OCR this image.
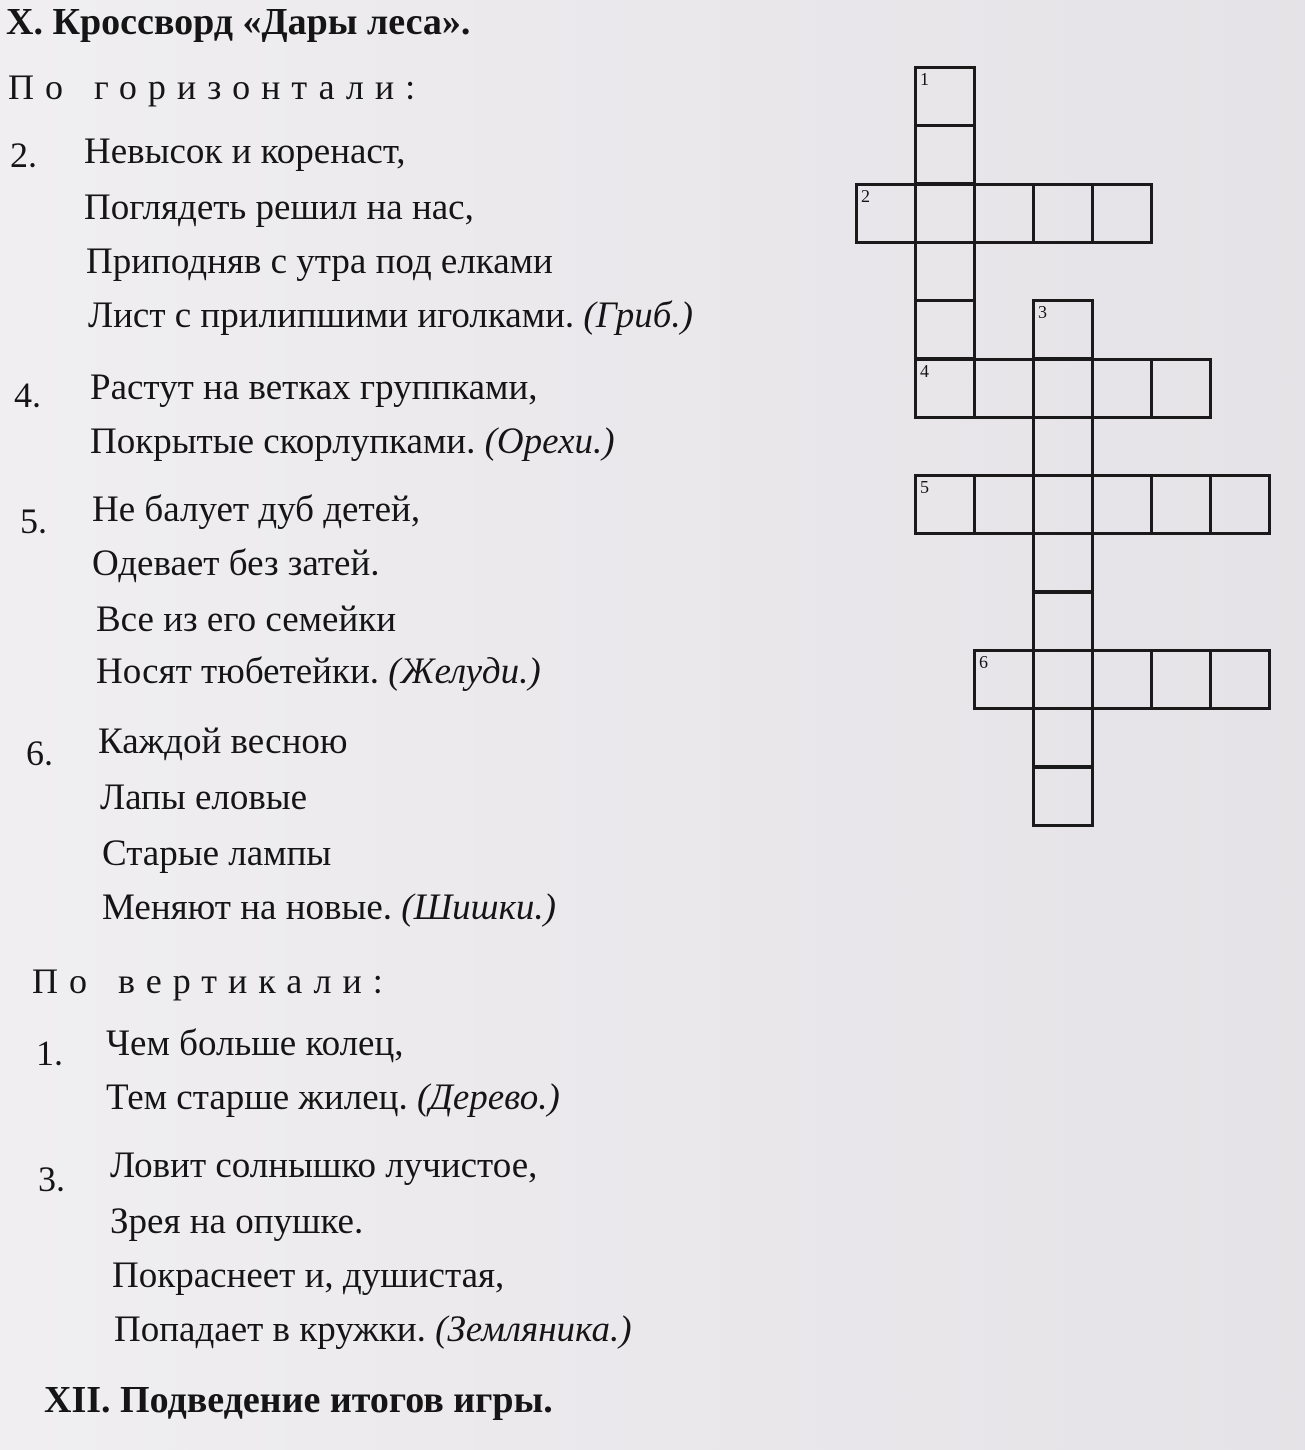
X. Кроссворд «Дары леса».
По горизонтали:
2. Невысок и коренаст,
Поглядеть решил на нас,
Приподняв с утра под елками
Лист с прилипшими иголками. (Гриб.)
4. Растут на ветках группками,
Покрытые скорлупками. (Орехи.)
5. Не балует дуб детей,
Одевает без затей.
Все из его семейки
Носят тюбетейки. (Желуди.)
6. Каждой весною
Лапы еловые
Старые лампы
Меняют на новые. (Шишки.)
По вертикали:
1. Чем больше колец,
Тем старше жилец. (Дерево.)
3. Ловит солнышко лучистое,
Зрея на опушке.
Покраснеет и, душистая,
Попадает в кружки. (Земляника.)
XII. Подведение итогов игры.
1
4
2
3
5
6
